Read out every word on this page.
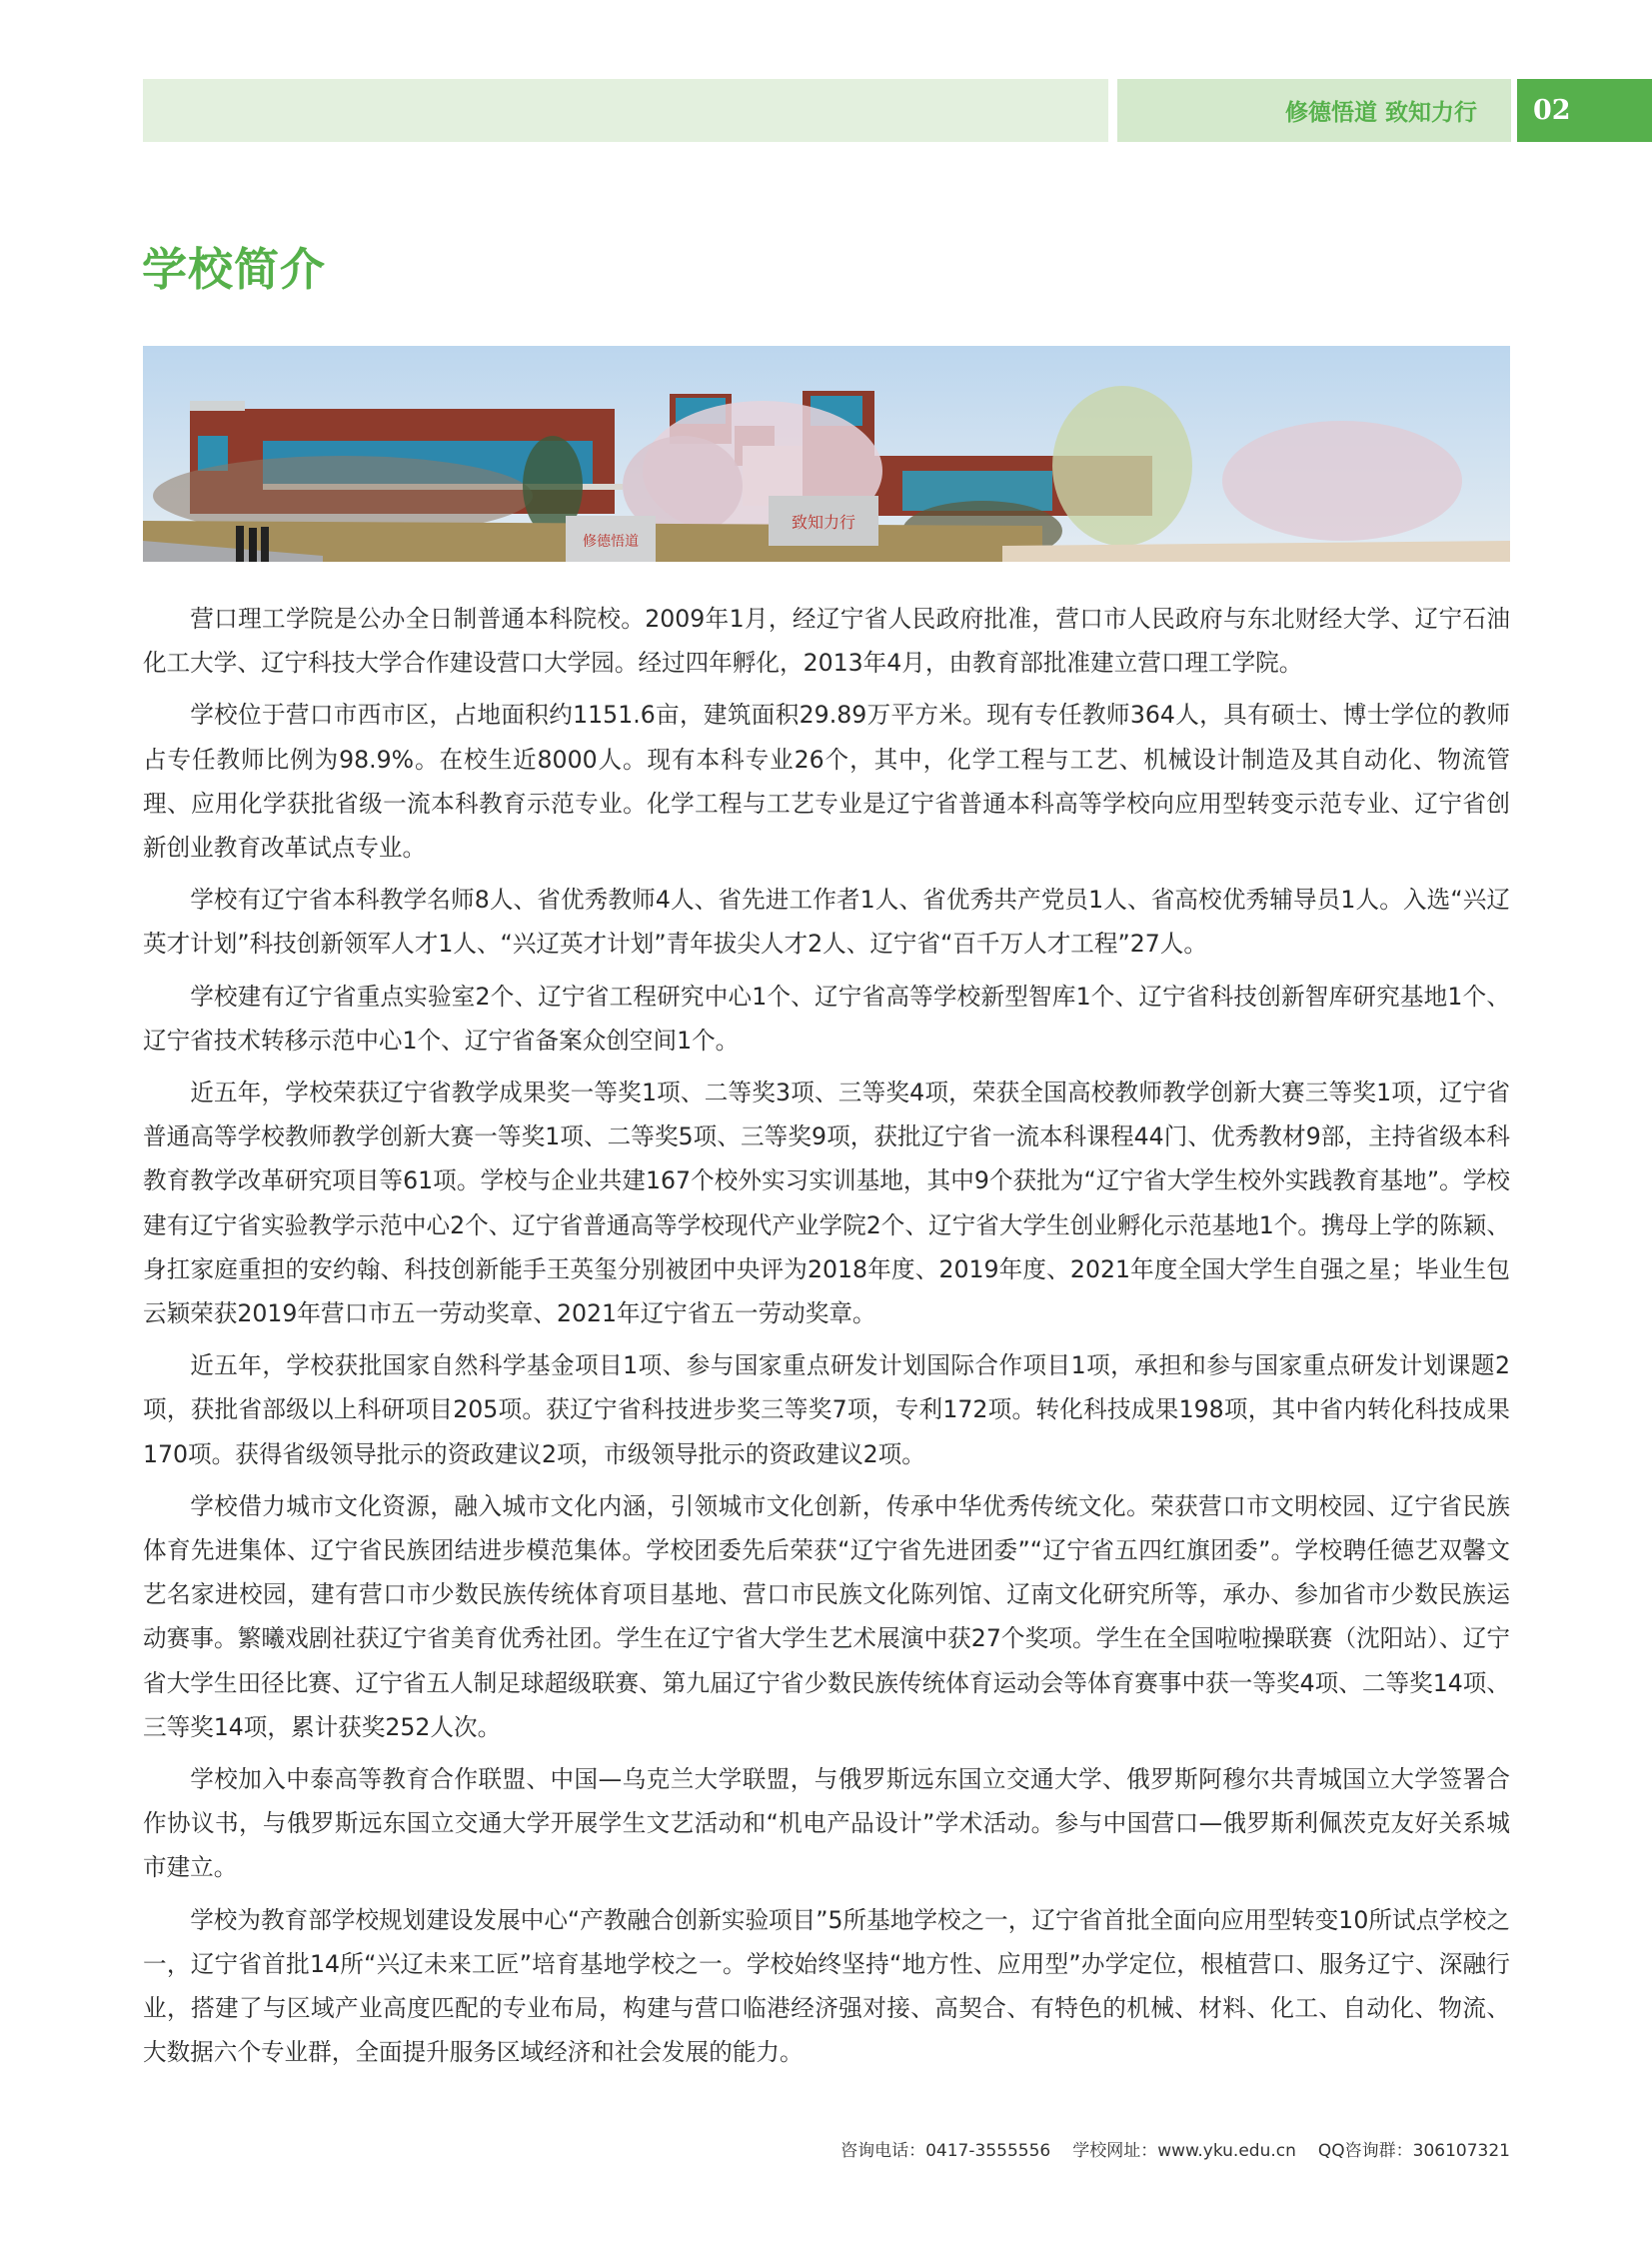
修德悟道 致知力行 02
学校简介
修德悟道
致知力行

营口理工学院是公办全日制普通本科院校。2009年1月，经辽宁省人民政府批准，营口市人民政府与东北财经大学、辽宁石油化工大学、辽宁科技大学合作建设营口大学园。经过四年孵化，2013年4月，由教育部批准建立营口理工学院。

学校位于营口市西市区，占地面积约1151.6亩，建筑面积29.89万平方米。现有专任教师364人，具有硕士、博士学位的教师占专任教师比例为98.9%。在校生近8000人。现有本科专业26个，其中，化学工程与工艺、机械设计制造及其自动化、物流管理、应用化学获批省级一流本科教育示范专业。化学工程与工艺专业是辽宁省普通本科高等学校向应用型转变示范专业、辽宁省创新创业教育改革试点专业。

学校有辽宁省本科教学名师8人、省优秀教师4人、省先进工作者1人、省优秀共产党员1人、省高校优秀辅导员1人。入选“兴辽英才计划”科技创新领军人才1人、“兴辽英才计划”青年拔尖人才2人、辽宁省“百千万人才工程”27人。

学校建有辽宁省重点实验室2个、辽宁省工程研究中心1个、辽宁省高等学校新型智库1个、辽宁省科技创新智库研究基地1个、辽宁省技术转移示范中心1个、辽宁省备案众创空间1个。

近五年，学校荣获辽宁省教学成果奖一等奖1项、二等奖3项、三等奖4项，荣获全国高校教师教学创新大赛三等奖1项，辽宁省普通高等学校教师教学创新大赛一等奖1项、二等奖5项、三等奖9项，获批辽宁省一流本科课程44门、优秀教材9部，主持省级本科教育教学改革研究项目等61项。学校与企业共建167个校外实习实训基地，其中9个获批为“辽宁省大学生校外实践教育基地”。学校建有辽宁省实验教学示范中心2个、辽宁省普通高等学校现代产业学院2个、辽宁省大学生创业孵化示范基地1个。携母上学的陈颖、身扛家庭重担的安约翰、科技创新能手王英玺分别被团中央评为2018年度、2019年度、2021年度全国大学生自强之星；毕业生包云颖荣获2019年营口市五一劳动奖章、2021年辽宁省五一劳动奖章。

近五年，学校获批国家自然科学基金项目1项、参与国家重点研发计划国际合作项目1项，承担和参与国家重点研发计划课题2项，获批省部级以上科研项目205项。获辽宁省科技进步奖三等奖7项，专利172项。转化科技成果198项，其中省内转化科技成果170项。获得省级领导批示的资政建议2项，市级领导批示的资政建议2项。

学校借力城市文化资源，融入城市文化内涵，引领城市文化创新，传承中华优秀传统文化。荣获营口市文明校园、辽宁省民族体育先进集体、辽宁省民族团结进步模范集体。学校团委先后荣获“辽宁省先进团委”“辽宁省五四红旗团委”。学校聘任德艺双馨文艺名家进校园，建有营口市少数民族传统体育项目基地、营口市民族文化陈列馆、辽南文化研究所等，承办、参加省市少数民族运动赛事。繁曦戏剧社获辽宁省美育优秀社团。学生在辽宁省大学生艺术展演中获27个奖项。学生在全国啦啦操联赛（沈阳站）、辽宁省大学生田径比赛、辽宁省五人制足球超级联赛、第九届辽宁省少数民族传统体育运动会等体育赛事中获一等奖4项、二等奖14项、三等奖14项，累计获奖252人次。

学校加入中泰高等教育合作联盟、中国—乌克兰大学联盟，与俄罗斯远东国立交通大学、俄罗斯阿穆尔共青城国立大学签署合作协议书，与俄罗斯远东国立交通大学开展学生文艺活动和“机电产品设计”学术活动。参与中国营口—俄罗斯利佩茨克友好关系城市建立。

学校为教育部学校规划建设发展中心“产教融合创新实验项目”5所基地学校之一，辽宁省首批全面向应用型转变10所试点学校之一，辽宁省首批14所“兴辽未来工匠”培育基地学校之一。学校始终坚持“地方性、应用型”办学定位，根植营口、服务辽宁、深融行业，搭建了与区域产业高度匹配的专业布局，构建与营口临港经济强对接、高契合、有特色的机械、材料、化工、自动化、物流、大数据六个专业群，全面提升服务区域经济和社会发展的能力。

咨询电话：0417-3555556 学校网址：www.yku.edu.cn QQ咨询群：306107321
